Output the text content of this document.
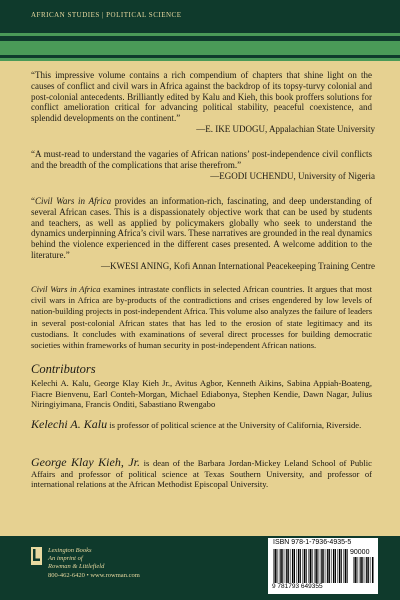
AFRICAN STUDIES | POLITICAL SCIENCE

“This impressive volume contains a rich compendium of chapters that shine light on the causes of conflict and civil wars in Africa against the backdrop of its topsy-turvy colonial and post-colonial antecedents. Brilliantly edited by Kalu and Kieh, this book proffers solutions for conflict amelioration critical for advancing political stability, peaceful coexistence, and splendid developments on the continent.”

—E. IKE UDOGU, Appalachian State University

“A must-read to understand the vagaries of African nations’ post-independence civil conflicts and the breadth of the complications that arise therefrom.”

—EGODI UCHENDU, University of Nigeria

“Civil Wars in Africa provides an information-rich, fascinating, and deep understanding of several African cases. This is a dispassionately objective work that can be used by students and teachers, as well as applied by policymakers globally who seek to understand the dynamics underpinning Africa’s civil wars. These narratives are grounded in the real dynamics behind the violence experienced in the different cases presented. A welcome addition to the literature.”

—KWESI ANING, Kofi Annan International Peacekeeping Training Centre

Civil Wars in Africa examines intrastate conflicts in selected African countries. It argues that most civil wars in Africa are by-products of the contradictions and crises engendered by low levels of nation-building projects in post-independent Africa. This volume also analyzes the failure of leaders in several post-colonial African states that has led to the erosion of state legitimacy and its custodians. It concludes with examinations of several direct processes for building democratic societies within frameworks of human security in post-independent African nations.

Contributors

Kelechi A. Kalu, George Klay Kieh Jr., Avitus Agbor, Kenneth Aikins, Sabina Appiah-Boateng, Fiacre Bienvenu, Earl Conteh-Morgan, Michael Ediabonya, Stephen Kendie, Dawn Nagar, Julius Niringiyimana, Francis Onditi, Sabastiano Rwengabo

Kelechi A. Kalu is professor of political science at the University of California, Riverside.

George Klay Kieh, Jr. is dean of the Barbara Jordan-Mickey Leland School of Public Affairs and professor of political science at Texas Southern University, and professor of international relations at the African Methodist Episcopal University.

Lexington Books
An imprint of
Rowman & Littlefield
800-462-6420 • www.rowman.com
ISBN 978-1-7936-4935-5
90000
9 781793 649355
